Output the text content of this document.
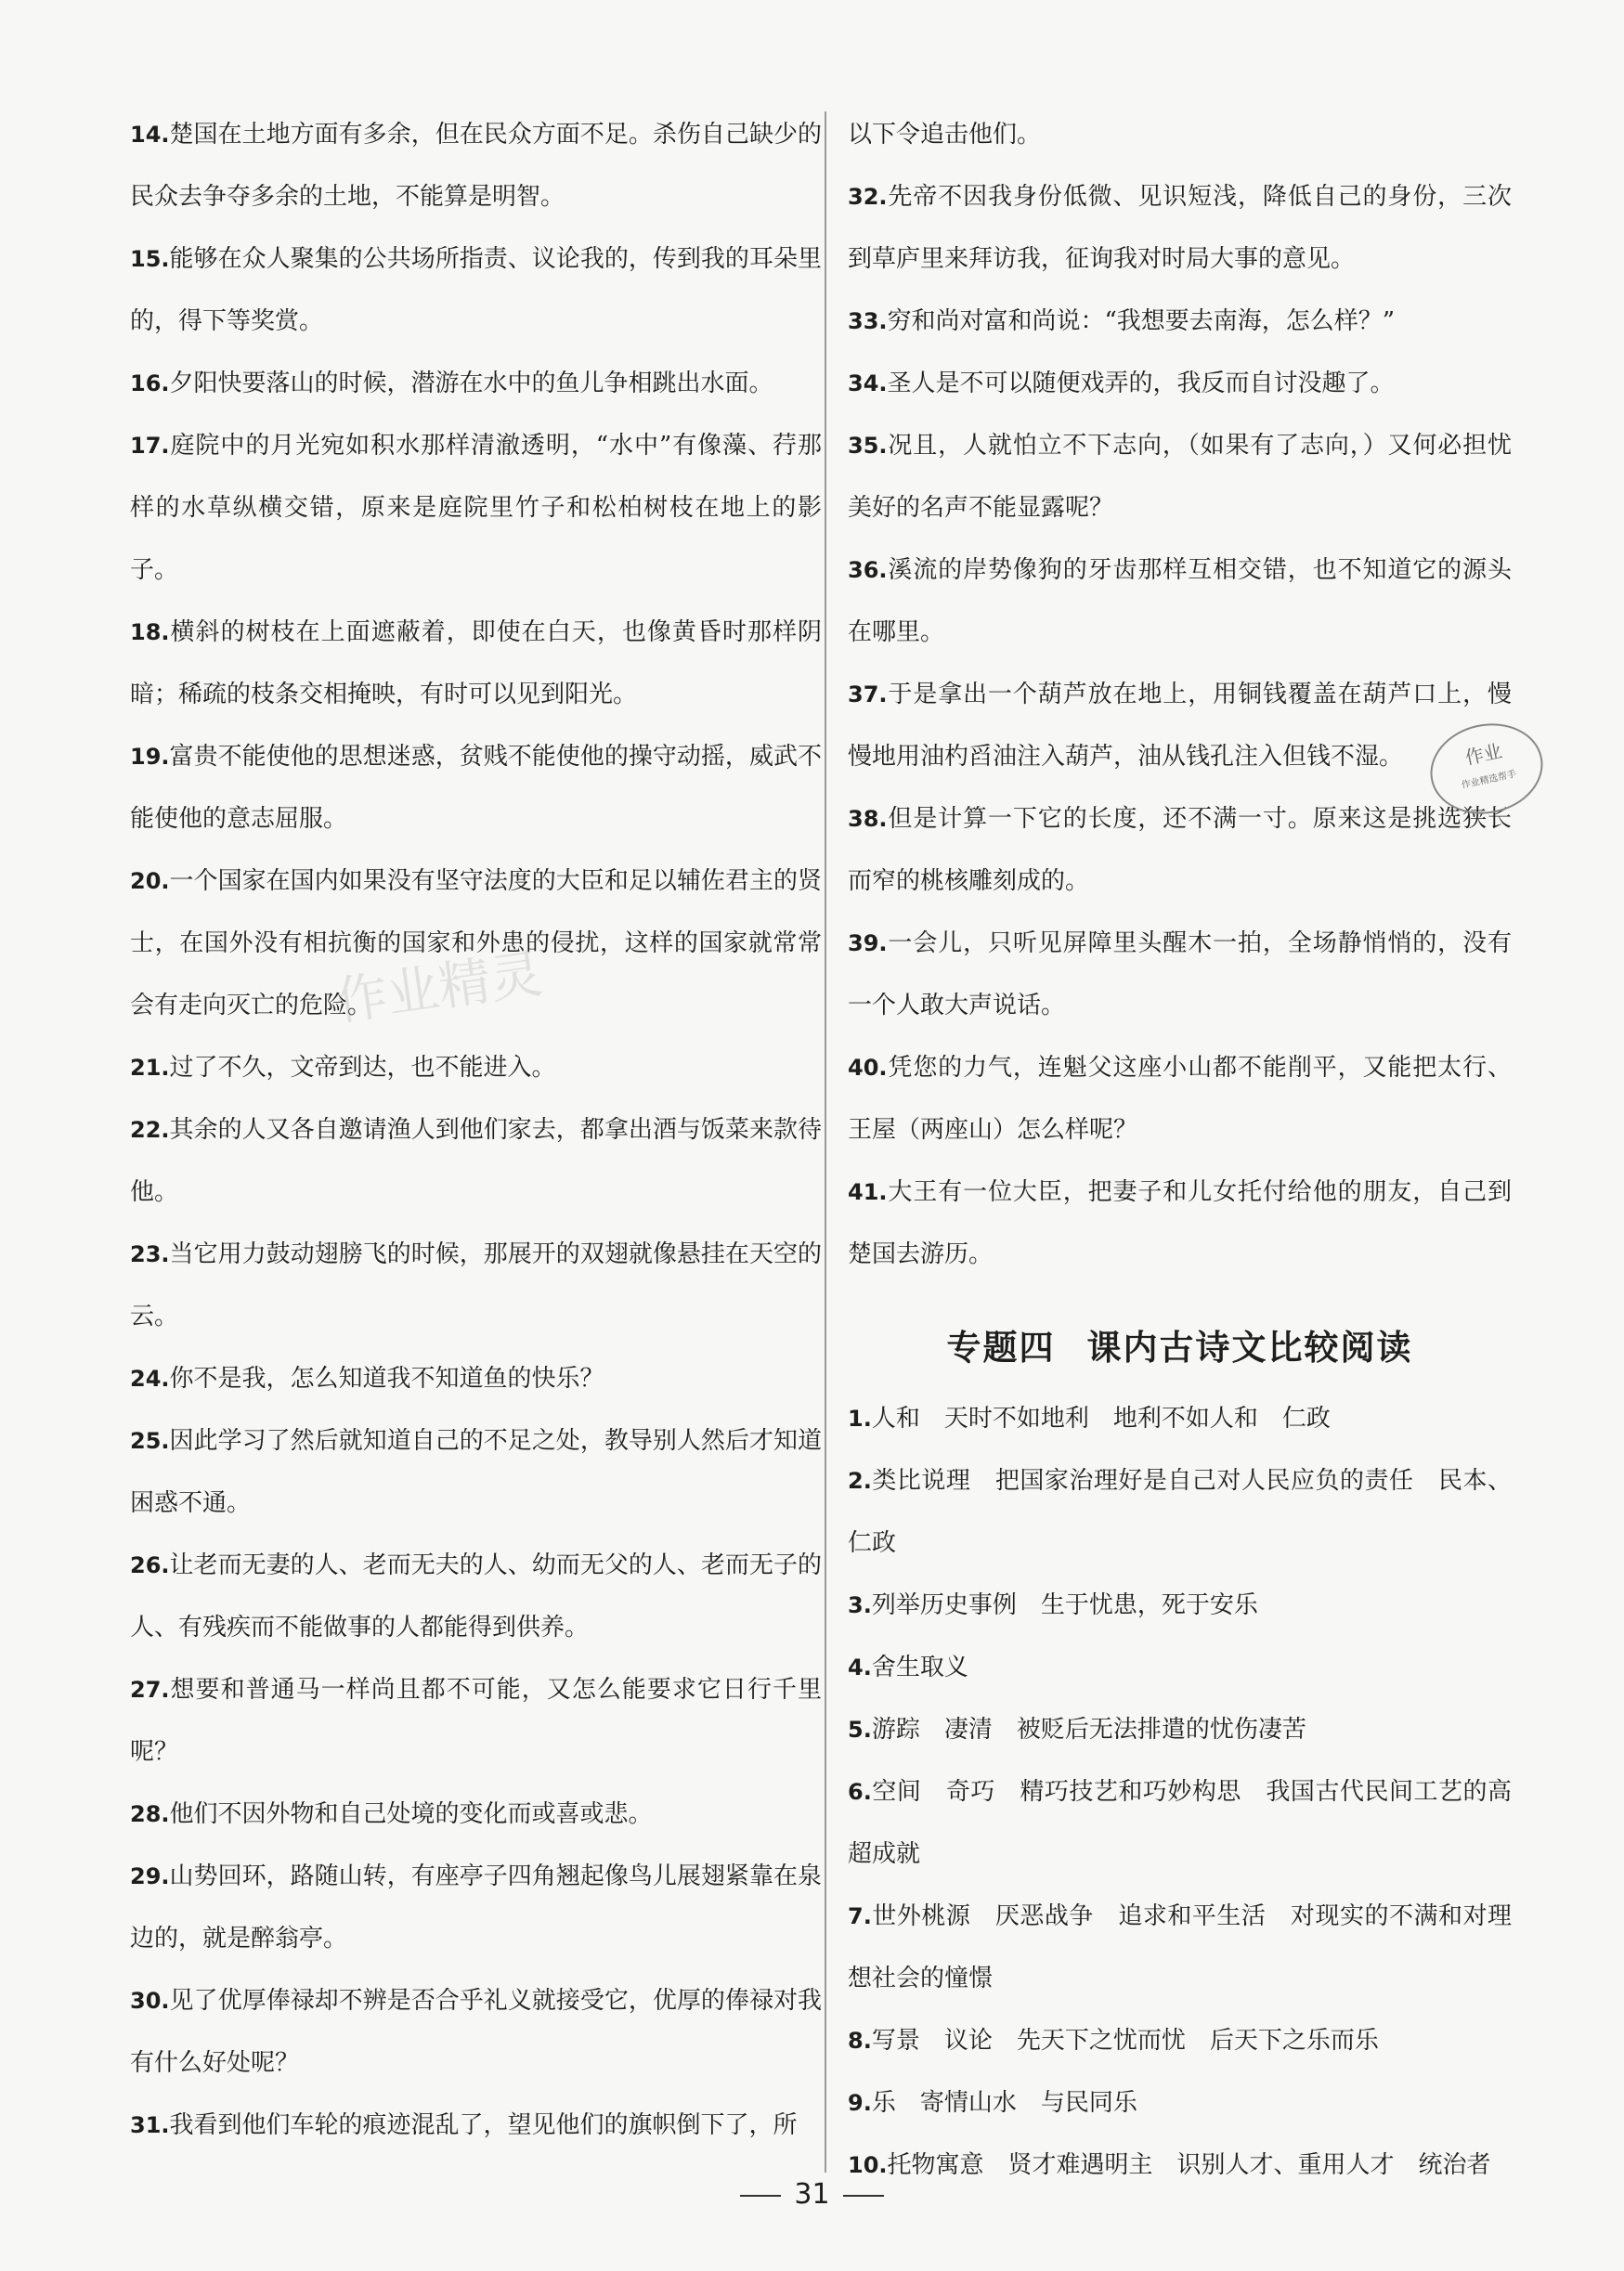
14.楚国在土地方面有多余，但在民众方面不足。杀伤自己缺少的民众去争夺多余的土地，不能算是明智。
15.能够在众人聚集的公共场所指责、议论我的，传到我的耳朵里的，得下等奖赏。
16.夕阳快要落山的时候，潜游在水中的鱼儿争相跳出水面。
17.庭院中的月光宛如积水那样清澈透明，“水中”有像藻、荇那样的水草纵横交错，原来是庭院里竹子和松柏树枝在地上的影子。
18.横斜的树枝在上面遮蔽着，即使在白天，也像黄昏时那样阴暗；稀疏的枝条交相掩映，有时可以见到阳光。
19.富贵不能使他的思想迷惑，贫贱不能使他的操守动摇，威武不能使他的意志屈服。
20.一个国家在国内如果没有坚守法度的大臣和足以辅佐君主的贤士，在国外没有相抗衡的国家和外患的侵扰，这样的国家就常常会有走向灭亡的危险。
21.过了不久，文帝到达，也不能进入。
22.其余的人又各自邀请渔人到他们家去，都拿出酒与饭菜来款待他。
23.当它用力鼓动翅膀飞的时候，那展开的双翅就像悬挂在天空的云。
24.你不是我，怎么知道我不知道鱼的快乐？
25.因此学习了然后就知道自己的不足之处，教导别人然后才知道困惑不通。
26.让老而无妻的人、老而无夫的人、幼而无父的人、老而无子的人、有残疾而不能做事的人都能得到供养。
27.想要和普通马一样尚且都不可能，又怎么能要求它日行千里呢？
28.他们不因外物和自己处境的变化而或喜或悲。
29.山势回环，路随山转，有座亭子四角翘起像鸟儿展翅紧靠在泉边的，就是醉翁亭。
30.见了优厚俸禄却不辨是否合乎礼义就接受它，优厚的俸禄对我有什么好处呢？
31.我看到他们车轮的痕迹混乱了，望见他们的旗帜倒下了，所
以下令追击他们。
32.先帝不因我身份低微、见识短浅，降低自己的身份，三次到草庐里来拜访我，征询我对时局大事的意见。
33.穷和尚对富和尚说：“我想要去南海，怎么样？”
34.圣人是不可以随便戏弄的，我反而自讨没趣了。
35.况且，人就怕立不下志向，（如果有了志向，）又何必担忧美好的名声不能显露呢？
36.溪流的岸势像狗的牙齿那样互相交错，也不知道它的源头在哪里。
37.于是拿出一个葫芦放在地上，用铜钱覆盖在葫芦口上，慢慢地用油杓舀油注入葫芦，油从钱孔注入但钱不湿。
38.但是计算一下它的长度，还不满一寸。原来这是挑选狭长而窄的桃核雕刻成的。
39.一会儿，只听见屏障里头醒木一拍，全场静悄悄的，没有一个人敢大声说话。
40.凭您的力气，连魁父这座小山都不能削平，又能把太行、王屋（两座山）怎么样呢？
41.大王有一位大臣，把妻子和儿女托付给他的朋友，自己到楚国去游历。
专题四 课内古诗文比较阅读
1.人和　天时不如地利　地利不如人和　仁政
2.类比说理　把国家治理好是自己对人民应负的责任　民本、仁政
3.列举历史事例　生于忧患，死于安乐
4.舍生取义
5.游踪　凄清　被贬后无法排遣的忧伤凄苦
6.空间　奇巧　精巧技艺和巧妙构思　我国古代民间工艺的高超成就
7.世外桃源　厌恶战争　追求和平生活　对现实的不满和对理想社会的憧憬
8.写景　议论　先天下之忧而忧　后天下之乐而乐
9.乐　寄情山水　与民同乐
10.托物寓意　贤才难遇明主　识别人才、重用人才　统治者
作业
作业精选帮手
作业精灵
31
